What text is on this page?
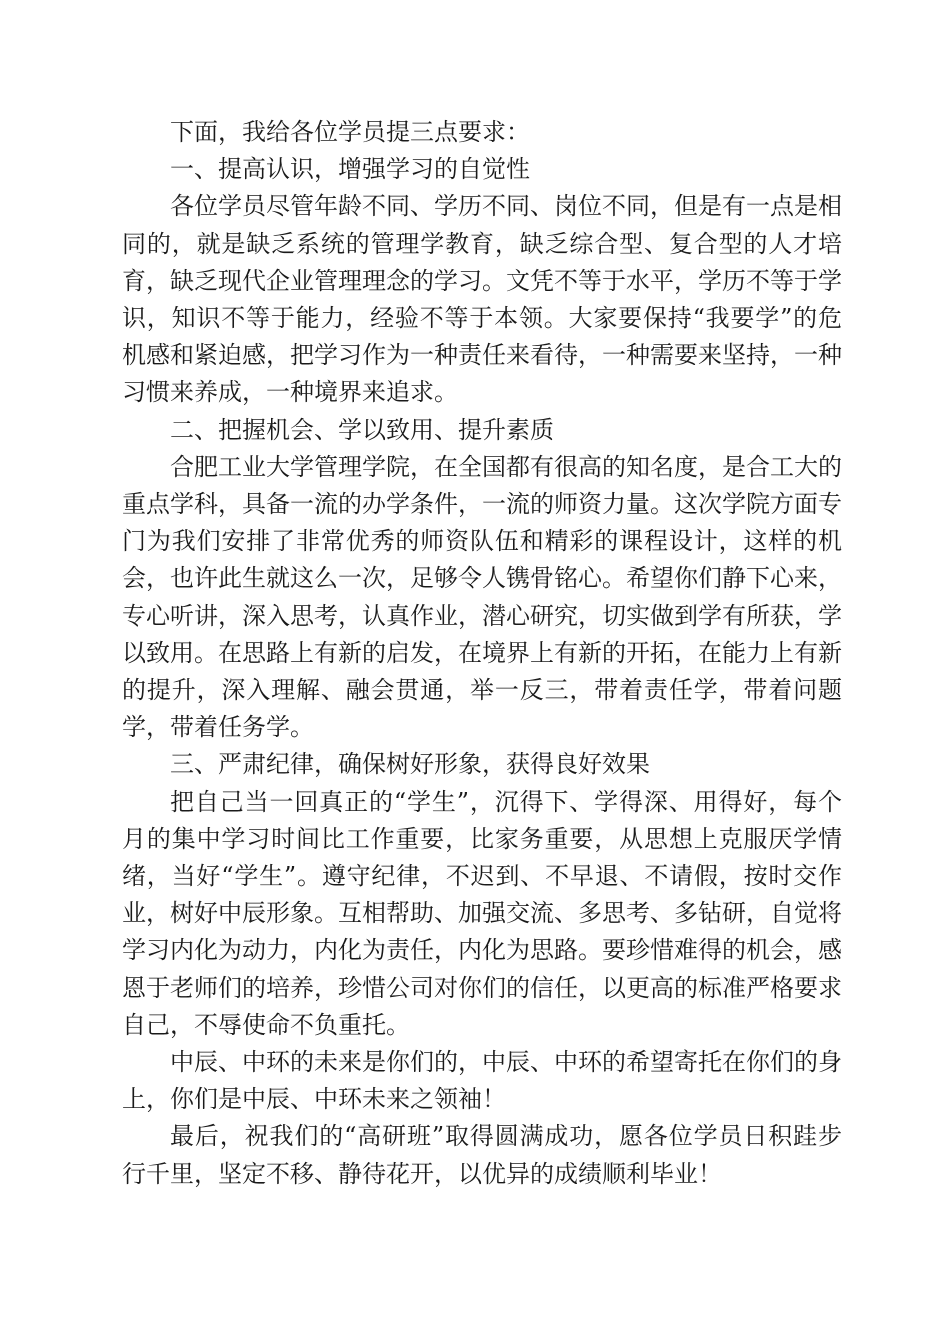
下面，我给各位学员提三点要求：

一、提高认识，增强学习的自觉性

各位学员尽管年龄不同、学历不同、岗位不同，但是有一点是相同的，就是缺乏系统的管理学教育，缺乏综合型、复合型的人才培育，缺乏现代企业管理理念的学习。文凭不等于水平，学历不等于学识，知识不等于能力，经验不等于本领。大家要保持“我要学”的危机感和紧迫感，把学习作为一种责任来看待，一种需要来坚持，一种习惯来养成，一种境界来追求。

二、把握机会、学以致用、提升素质

合肥工业大学管理学院，在全国都有很高的知名度，是合工大的重点学科，具备一流的办学条件，一流的师资力量。这次学院方面专门为我们安排了非常优秀的师资队伍和精彩的课程设计，这样的机会，也许此生就这么一次，足够令人镌骨铭心。希望你们静下心来，专心听讲，深入思考，认真作业，潜心研究，切实做到学有所获，学以致用。在思路上有新的启发，在境界上有新的开拓，在能力上有新的提升，深入理解、融会贯通，举一反三，带着责任学，带着问题学，带着任务学。

三、严肃纪律，确保树好形象，获得良好效果

把自己当一回真正的“学生”，沉得下、学得深、用得好，每个月的集中学习时间比工作重要，比家务重要，从思想上克服厌学情绪，当好“学生”。遵守纪律，不迟到、不早退、不请假，按时交作业，树好中辰形象。互相帮助、加强交流、多思考、多钻研，自觉将学习内化为动力，内化为责任，内化为思路。要珍惜难得的机会，感恩于老师们的培养，珍惜公司对你们的信任，以更高的标准严格要求自己，不辱使命不负重托。

中辰、中环的未来是你们的，中辰、中环的希望寄托在你们的身上，你们是中辰、中环未来之领袖！

最后，祝我们的“高研班”取得圆满成功，愿各位学员日积跬步行千里，坚定不移、静待花开，以优异的成绩顺利毕业！
